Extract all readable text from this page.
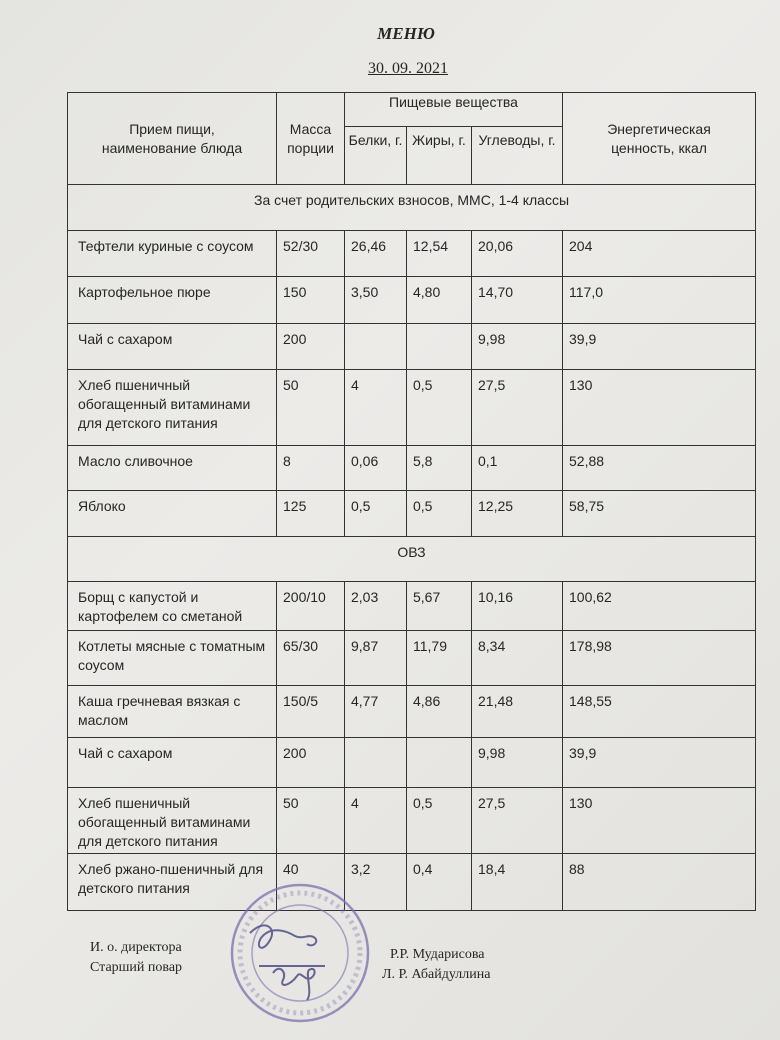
МЕНЮ
30. 09. 2021
Прием пищи, наименование блюда	Масса порции	Пищевые вещества			Энергетическая ценность, ккал
		Белки, г.	Жиры, г.	Углеводы, г.	
За счет родительских взносов, ММС, 1-4 классы					
Тефтели куриные с соусом	52/30	26,46	12,54	20,06	204
Картофельное пюре	150	3,50	4,80	14,70	117,0
Чай с сахаром	200			9,98	39,9
Хлеб пшеничный обогащенный витаминами для детского питания	50	4	0,5	27,5	130
Масло сливочное	8	0,06	5,8	0,1	52,88
Яблоко	125	0,5	0,5	12,25	58,75
ОВЗ					
Борщ с капустой и картофелем со сметаной	200/10	2,03	5,67	10,16	100,62
Котлеты мясные с томатным соусом	65/30	9,87	11,79	8,34	178,98
Каша гречневая вязкая с маслом	150/5	4,77	4,86	21,48	148,55
Чай с сахаром	200			9,98	39,9
Хлеб пшеничный обогащенный витаминами для детского питания	50	4	0,5	27,5	130
Хлеб ржано-пшеничный для детского питания	40	3,2	0,4	18,4	88
И. о. директора
Старший повар
Р.Р. Мударисова
Л. Р. Абайдуллина
